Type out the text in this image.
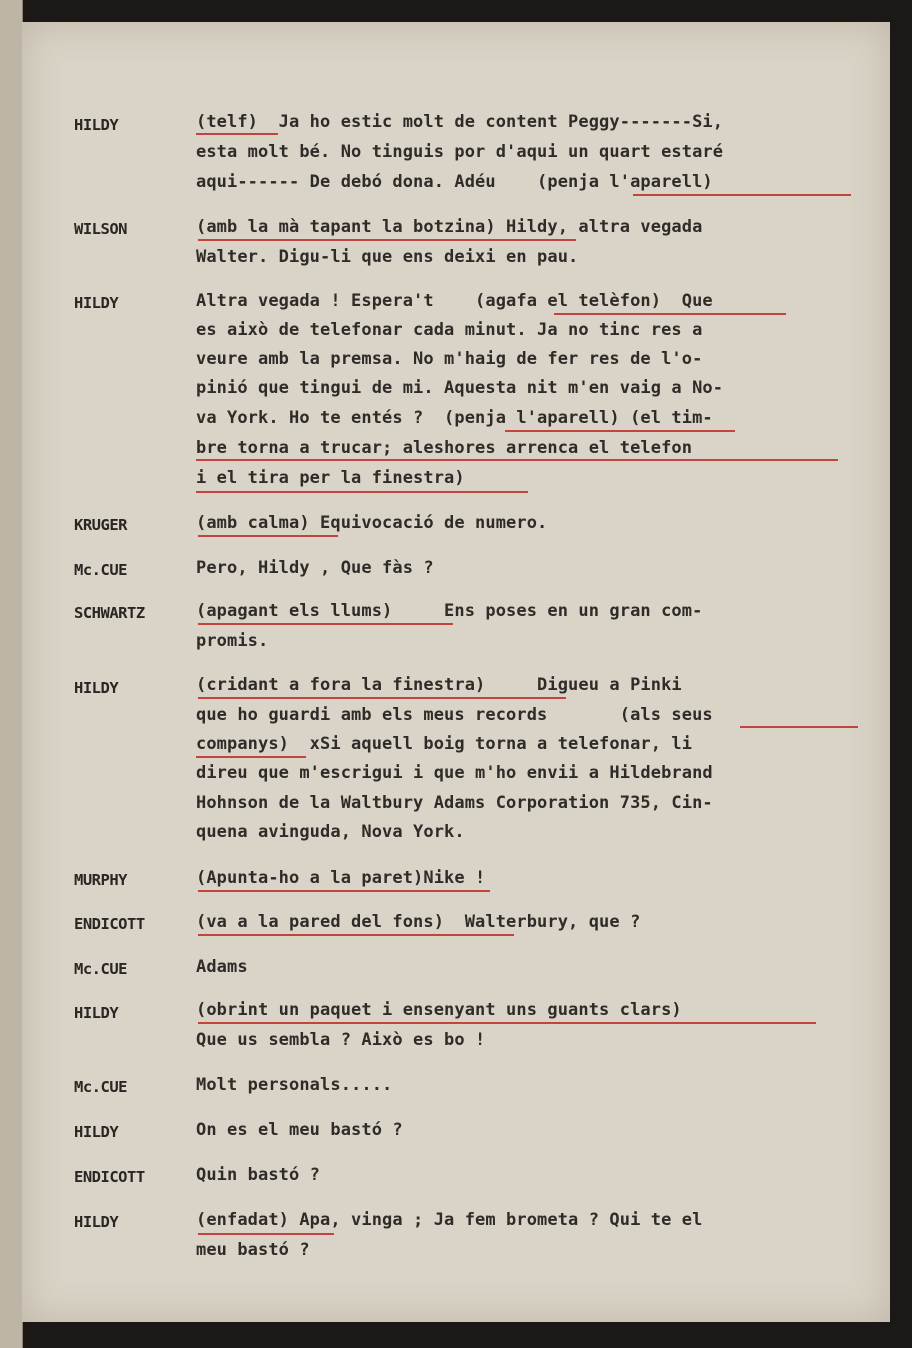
HILDY	(telf)  Ja ho estic molt de content Peggy-------Si,
esta molt bé. No tinguis por d'aqui un quart estaré
aqui------ De debó dona. Adéu    (penja l'aparell)
WILSON	(amb la mà tapant la botzina) Hildy, altra vegada
Walter. Digu-li que ens deixi en pau.
HILDY	Altra vegada ! Espera't    (agafa el telèfon)  Que
es això de telefonar cada minut. Ja no tinc res a
veure amb la premsa. No m'haig de fer res de l'o-
pinió que tingui de mi. Aquesta nit m'en vaig a No-
va York. Ho te entés ?  (penja l'aparell) (el tim-
bre torna a trucar; aleshores arrenca el telefon
i el tira per la finestra)
KRUGER	(amb calma) Equivocació de numero.
Mc.CUE	Pero, Hildy , Que fàs ?
SCHWARTZ	(apagant els llums)     Ens poses en un gran com-
promis.
HILDY	(cridant a fora la finestra)     Digueu a Pinki
que ho guardi amb els meus records       (als seus
companys)  xSi aquell boig torna a telefonar, li
direu que m'escrigui i que m'ho envii a Hildebrand
Hohnson de la Waltbury Adams Corporation 735, Cin-
quena avinguda, Nova York.
MURPHY	(Apunta-ho a la paret)Nike !
ENDICOTT	(va a la pared del fons)  Walterbury, que ?
Mc.CUE	Adams
HILDY	(obrint un paquet i ensenyant uns guants clars)
Que us sembla ? Això es bo !
Mc.CUE	Molt personals.....
HILDY	On es el meu bastó ?
ENDICOTT	Quin bastó ?
HILDY	(enfadat) Apa, vinga ; Ja fem brometa ? Qui te el
meu bastó ?
